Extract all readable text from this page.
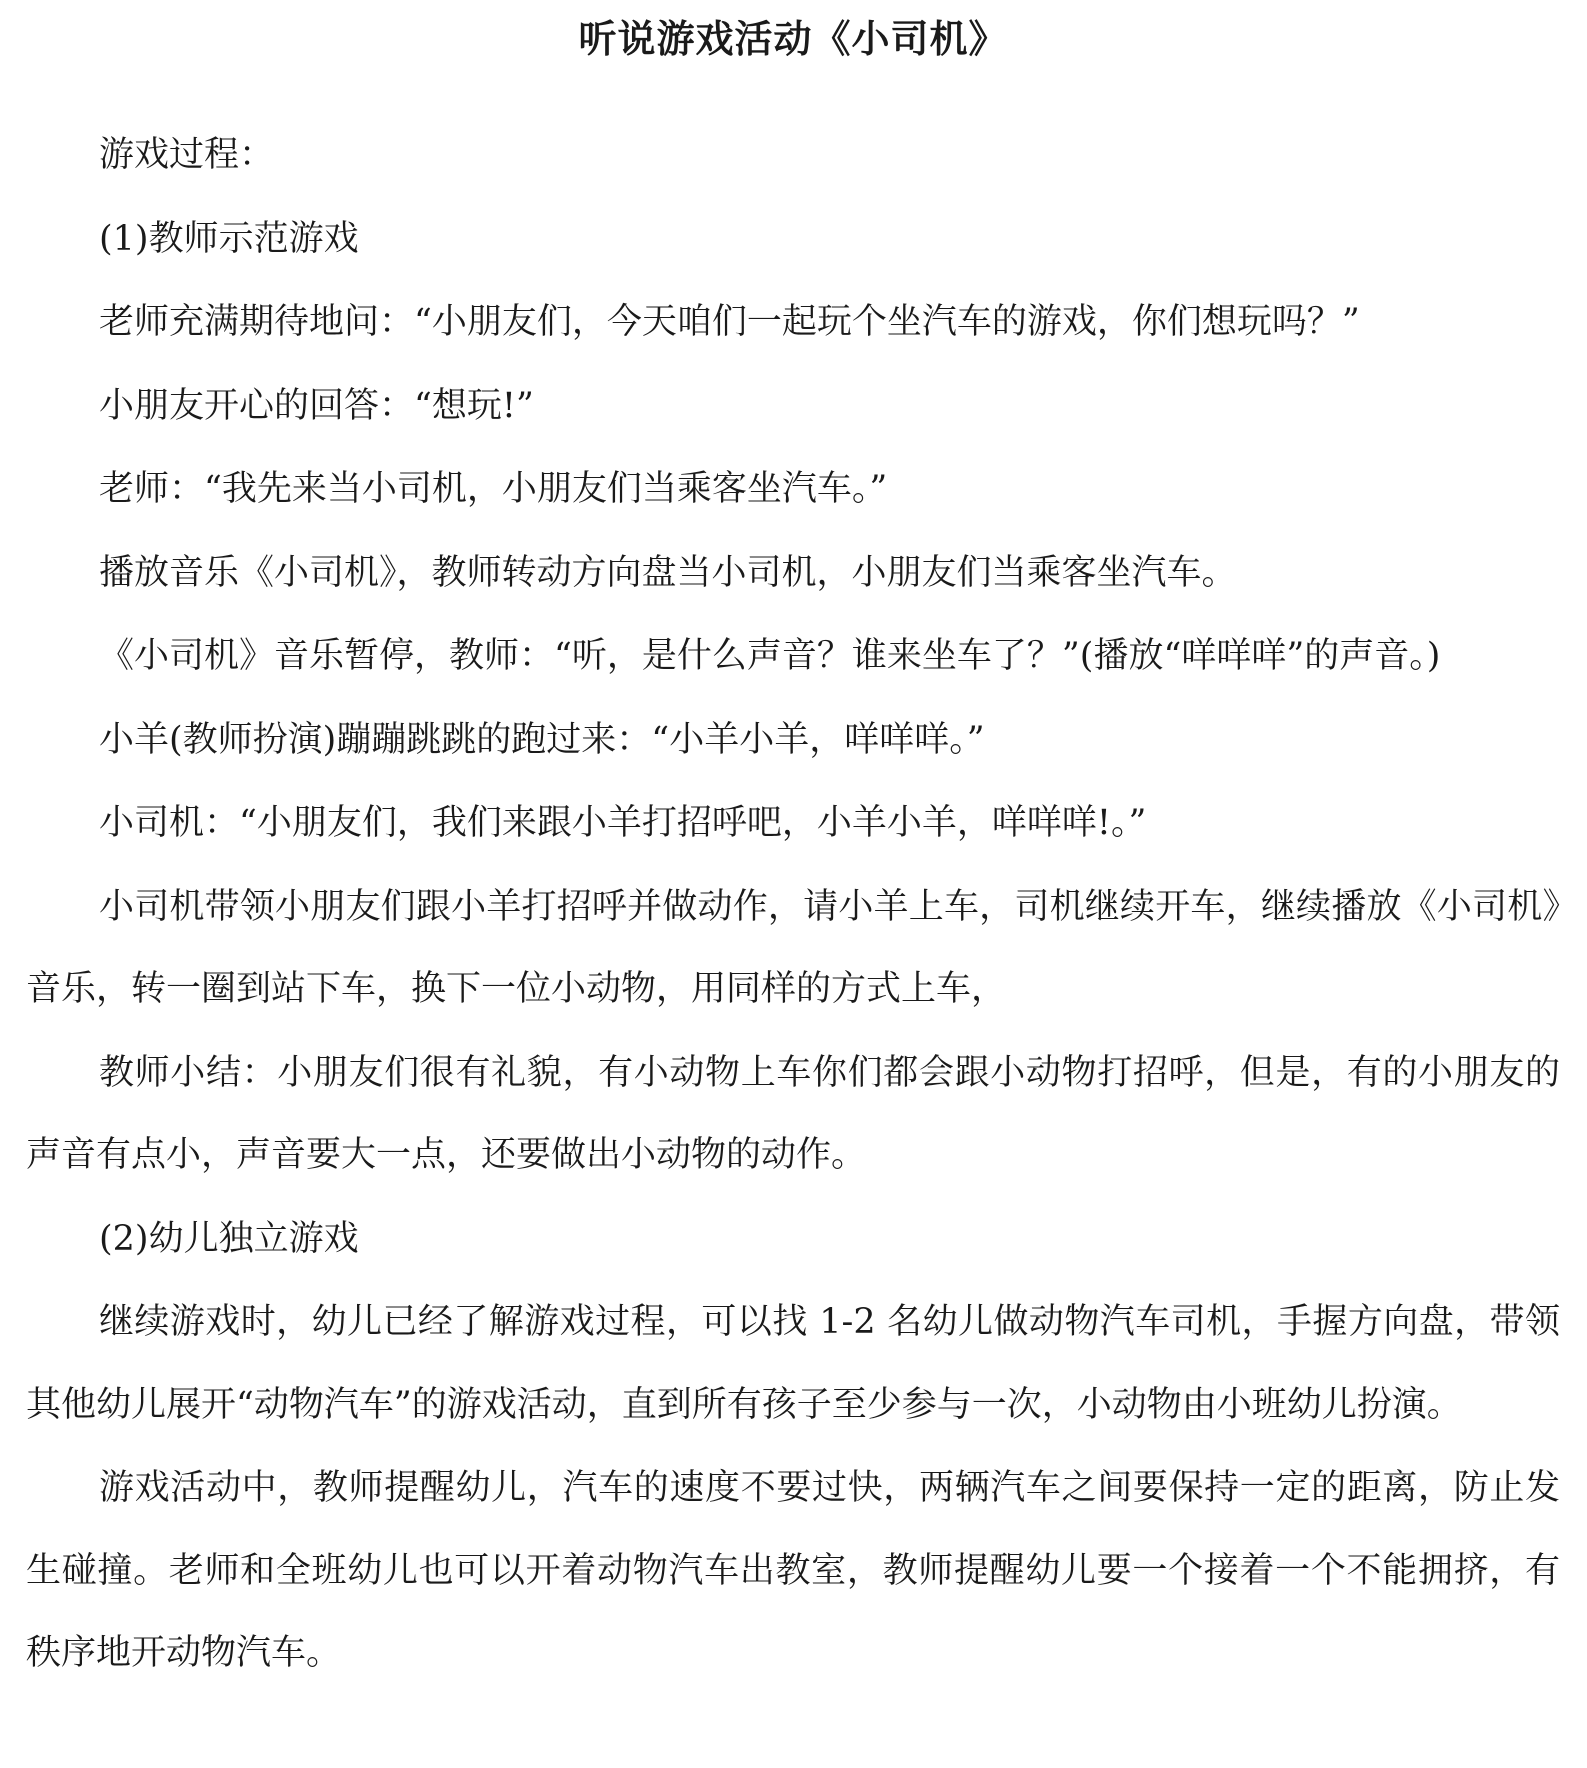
听说游戏活动《小司机》

游戏过程：

(1)教师示范游戏

老师充满期待地问：“小朋友们，今天咱们一起玩个坐汽车的游戏，你们想玩吗？”

小朋友开心的回答：“想玩!”

老师：“我先来当小司机，小朋友们当乘客坐汽车。”

播放音乐《小司机》，教师转动方向盘当小司机，小朋友们当乘客坐汽车。

《小司机》音乐暂停，教师：“听，是什么声音？谁来坐车了？”(播放“咩咩咩”的声音。)

小羊(教师扮演)蹦蹦跳跳的跑过来：“小羊小羊，咩咩咩。”

小司机：“小朋友们，我们来跟小羊打招呼吧，小羊小羊，咩咩咩!。”

小司机带领小朋友们跟小羊打招呼并做动作，请小羊上车，司机继续开车，继续播放《小司机》音乐，转一圈到站下车，换下一位小动物，用同样的方式上车，

教师小结：小朋友们很有礼貌，有小动物上车你们都会跟小动物打招呼，但是，有的小朋友的声音有点小，声音要大一点，还要做出小动物的动作。

(2)幼儿独立游戏

继续游戏时，幼儿已经了解游戏过程，可以找 1-2 名幼儿做动物汽车司机，手握方向盘，带领其他幼儿展开“动物汽车”的游戏活动，直到所有孩子至少参与一次，小动物由小班幼儿扮演。

游戏活动中，教师提醒幼儿，汽车的速度不要过快，两辆汽车之间要保持一定的距离，防止发生碰撞。老师和全班幼儿也可以开着动物汽车出教室，教师提醒幼儿要一个接着一个不能拥挤，有秩序地开动物汽车。
